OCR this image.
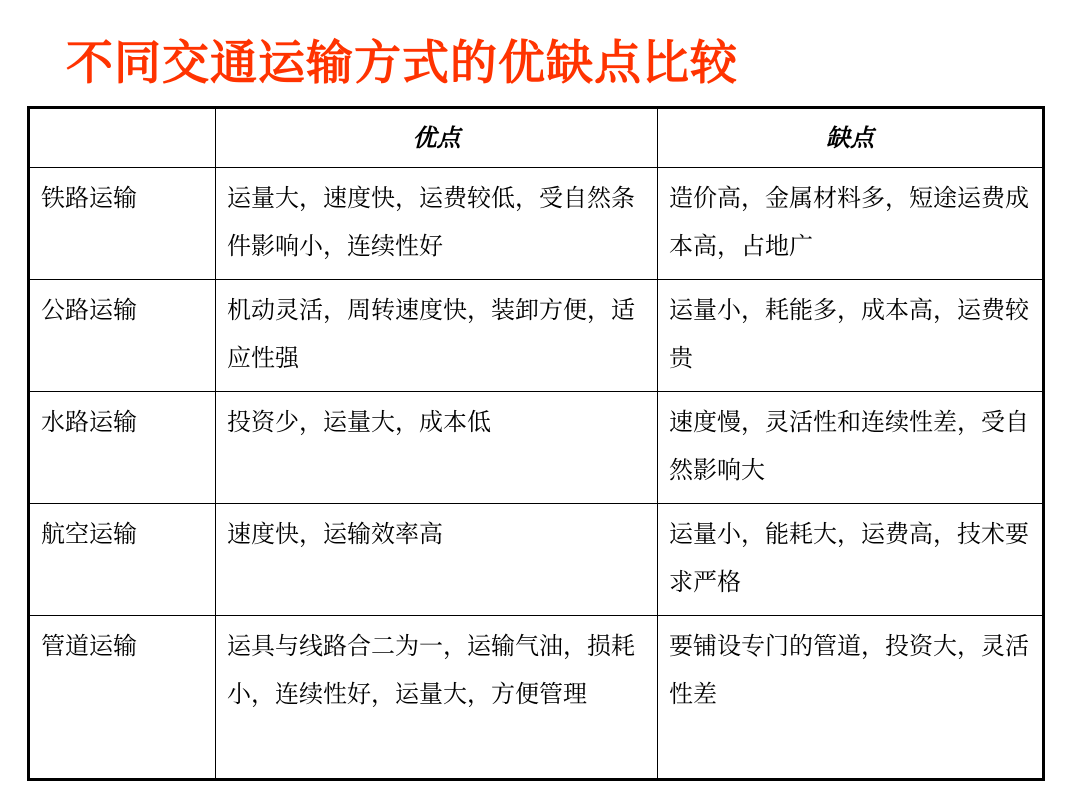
不同交通运输方式的优缺点比较
	优点	缺点
铁路运输	运量大，速度快，运费较低，受自然条件影响小，连续性好	造价高，金属材料多，短途运费成本高，占地广
公路运输	机动灵活，周转速度快，装卸方便，适应性强	运量小，耗能多，成本高，运费较贵
水路运输	投资少，运量大，成本低	速度慢，灵活性和连续性差，受自然影响大
航空运输	速度快，运输效率高	运量小，能耗大，运费高，技术要求严格
管道运输	运具与线路合二为一，运输气油，损耗小，连续性好，运量大，方便管理	要铺设专门的管道，投资大，灵活性差
